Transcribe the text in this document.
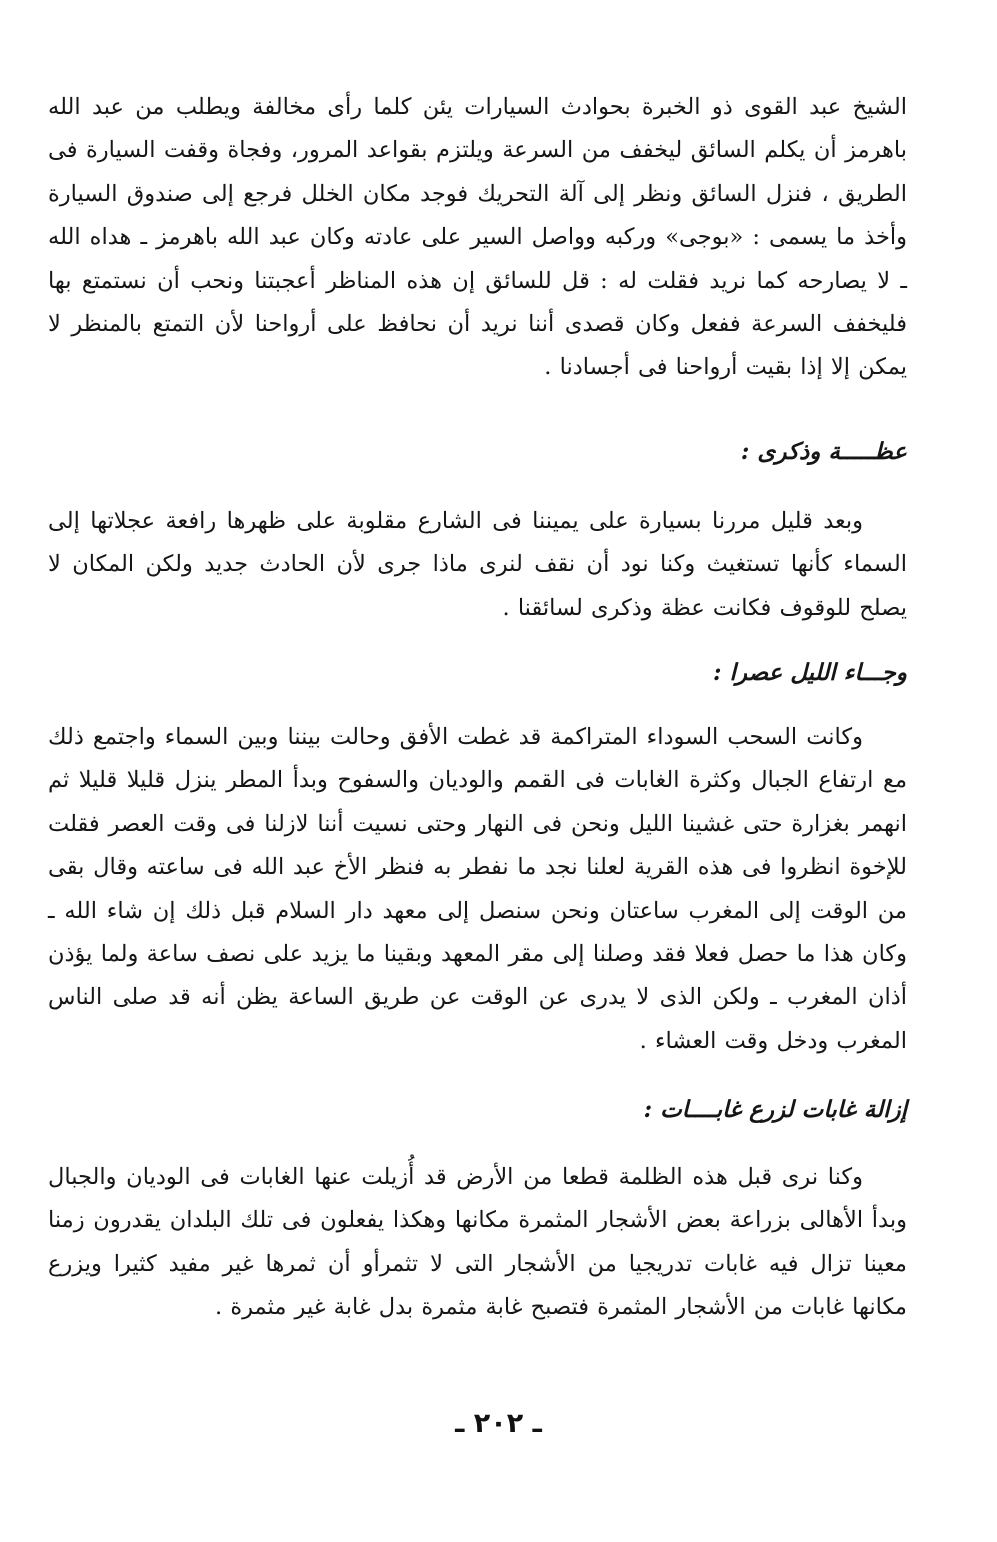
الشيخ عبد القوى ذو الخبرة بحوادث السيارات يئن كلما رأى مخالفة ويطلب من عبد الله باهرمز أن يكلم السائق ليخفف من السرعة ويلتزم بقواعد المرور، وفجاة وقفت السيارة فى الطريق ، فنزل السائق ونظر إلى آلة التحريك فوجد مكان الخلل فرجع إلى صندوق السيارة وأخذ ما يسمى : «بوجى» وركبه وواصل السير على عادته وكان عبد الله باهرمز ـ هداه الله ـ لا يصارحه كما نريد فقلت له : قل للسائق إن هذه المناظر أعجبتنا ونحب أن نستمتع بها فليخفف السرعة ففعل وكان قصدى أننا نريد أن نحافظ على أرواحنا لأن التمتع بالمنظر لا يمكن إلا إذا بقيت أرواحنا فى أجسادنا .

عظـــــة وذكرى :

وبعد قليل مررنا بسيارة على يميننا فى الشارع مقلوبة على ظهرها رافعة عجلاتها إلى السماء كأنها تستغيث وكنا نود أن نقف لنرى ماذا جرى لأن الحادث جديد ولكن المكان لا يصلح للوقوف فكانت عظة وذكرى لسائقنا .

وجـــاء الليل عصرا :

وكانت السحب السوداء المتراكمة قد غطت الأفق وحالت بيننا وبين السماء واجتمع ذلك مع ارتفاع الجبال وكثرة الغابات فى القمم والوديان والسفوح وبدأ المطر ينزل قليلا قليلا ثم انهمر بغزارة حتى غشينا الليل ونحن فى النهار وحتى نسيت أننا لازلنا فى وقت العصر فقلت للإخوة انظروا فى هذه القرية لعلنا نجد ما نفطر به فنظر الأخ عبد الله فى ساعته وقال بقى من الوقت إلى المغرب ساعتان ونحن سنصل إلى معهد دار السلام قبل ذلك إن شاء الله ـ وكان هذا ما حصل فعلا فقد وصلنا إلى مقر المعهد وبقينا ما يزيد على نصف ساعة ولما يؤذن أذان المغرب ـ ولكن الذى لا يدرى عن الوقت عن طريق الساعة يظن أنه قد صلى الناس المغرب ودخل وقت العشاء .

إزالة غابات لزرع غابــــات :

وكنا نرى قبل هذه الظلمة قطعا من الأرض قد أُزيلت عنها الغابات فى الوديان والجبال وبدأ الأهالى بزراعة بعض الأشجار المثمرة مكانها وهكذا يفعلون فى تلك البلدان يقدرون زمنا معينا تزال فيه غابات تدريجيا من الأشجار التى لا تثمرأو أن ثمرها غير مفيد كثيرا ويزرع مكانها غابات من الأشجار المثمرة فتصبح غابة مثمرة بدل غابة غير مثمرة .

ـ ٢٠٢ ـ
